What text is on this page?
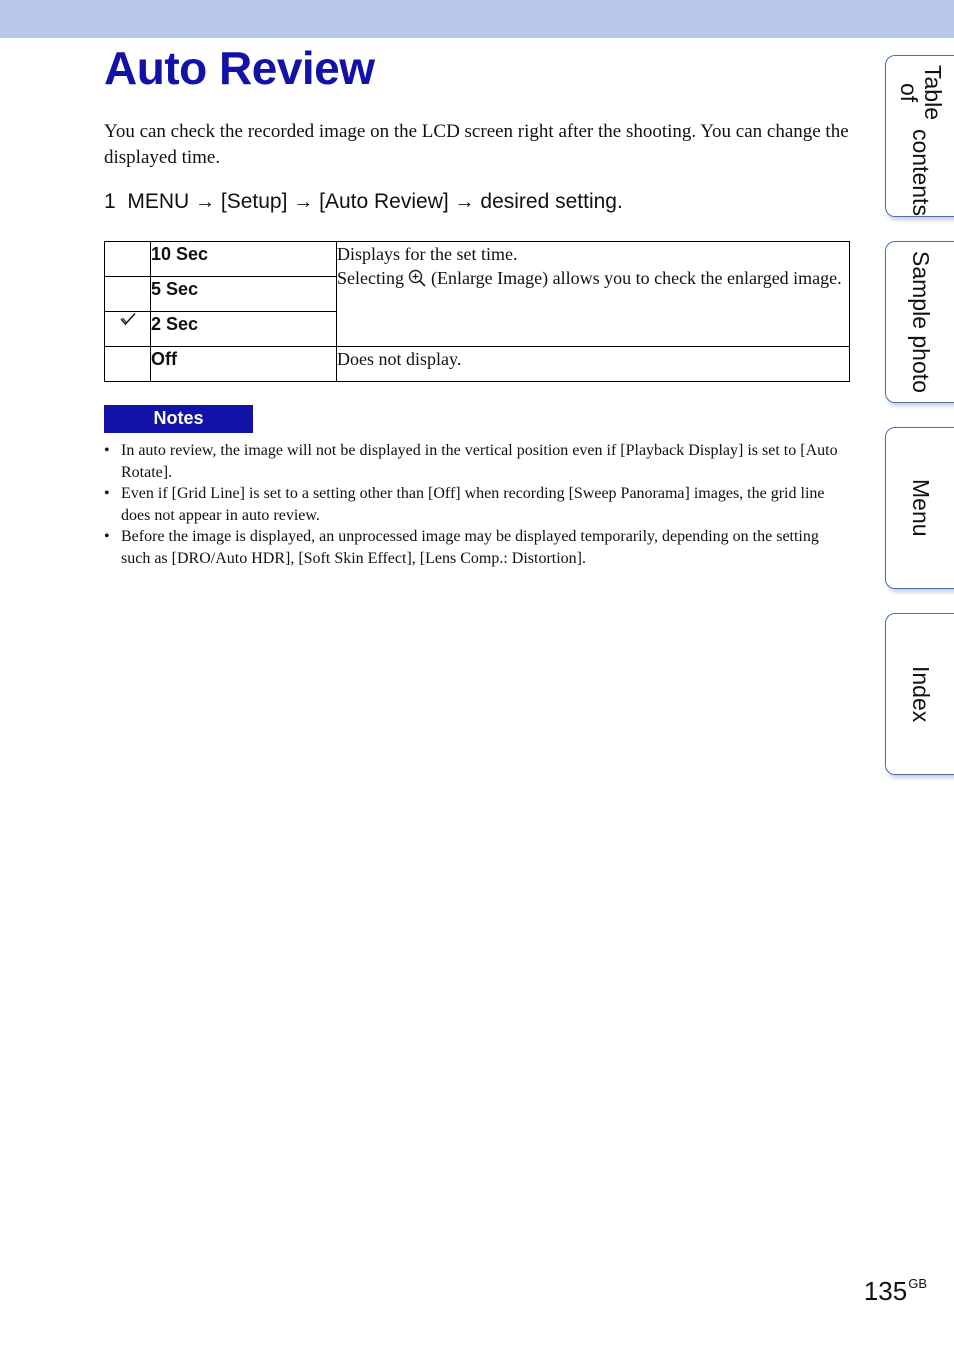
Auto Review

You can check the recorded image on the LCD screen right after the shooting. You can change the displayed time.

1 MENU → [Setup] → [Auto Review] → desired setting.
	10 Sec	Displays for the set time.
Selecting (Enlarge Image) allows you to check the enlarged image.
	5 Sec	
	2 Sec	
	Off	Does not display.
Notes
• In auto review, the image will not be displayed in the vertical position even if [Playback Display] is set to [Auto Rotate].
• Even if [Grid Line] is set to a setting other than [Off] when recording [Sweep Panorama] images, the grid line does not appear in auto review.
• Before the image is displayed, an unprocessed image may be displayed temporarily, depending on the setting such as [DRO/Auto HDR], [Soft Skin Effect], [Lens Comp.: Distortion].
Table of
contents
Sample photo
Menu
Index
$135^{GB}$
